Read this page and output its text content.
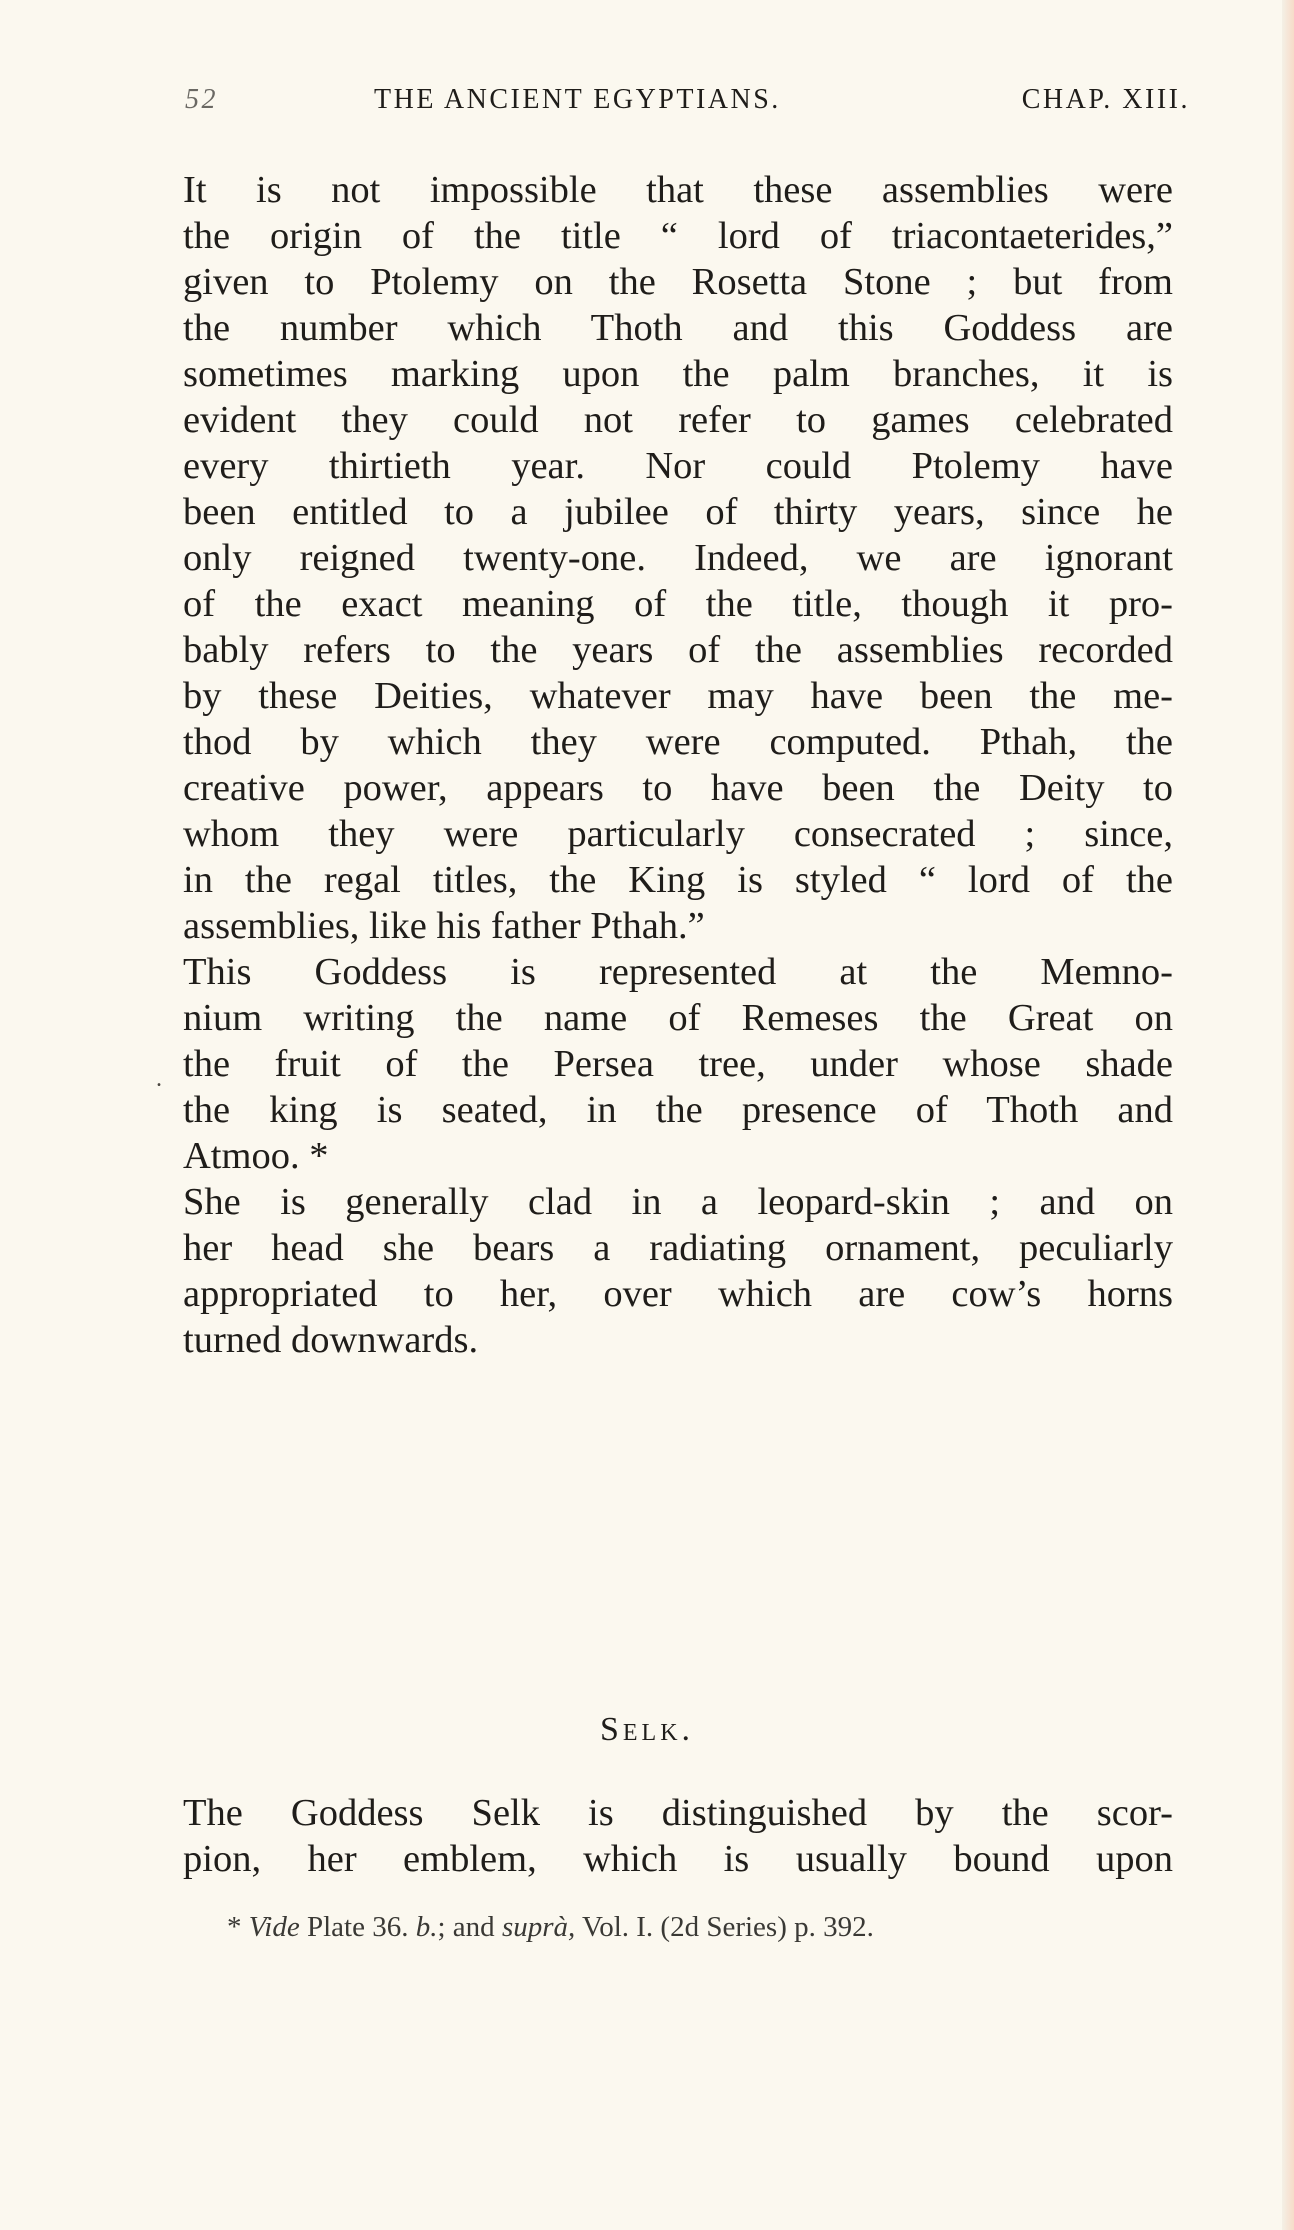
52	THE ANCIENT EGYPTIANS.	CHAP. XIII.
It is not impossible that these assemblies were
the origin of the title “ lord of triacontaeterides,”
given to Ptolemy on the Rosetta Stone ; but from
the number which Thoth and this Goddess are
sometimes marking upon the palm branches, it is
evident they could not refer to games celebrated
every thirtieth year. Nor could Ptolemy have
been entitled to a jubilee of thirty years, since he
only reigned twenty-one. Indeed, we are ignorant
of the exact meaning of the title, though it pro-
bably refers to the years of the assemblies recorded
by these Deities, whatever may have been the me-
thod by which they were computed. Pthah, the
creative power, appears to have been the Deity to
whom they were particularly consecrated ; since,
in the regal titles, the King is styled “ lord of the
assemblies, like his father Pthah.”
This Goddess is represented at the Memno-
nium writing the name of Remeses the Great on
the fruit of the Persea tree, under whose shade
the king is seated, in the presence of Thoth and
Atmoo. *
She is generally clad in a leopard-skin ; and on
her head she bears a radiating ornament, peculiarly
appropriated to her, over which are cow’s horns
turned downwards.
Selk.
The Goddess Selk is distinguished by the scor-
pion, her emblem, which is usually bound upon
* Vide Plate 36. b.; and suprà, Vol. I. (2d Series) p. 392.
.
